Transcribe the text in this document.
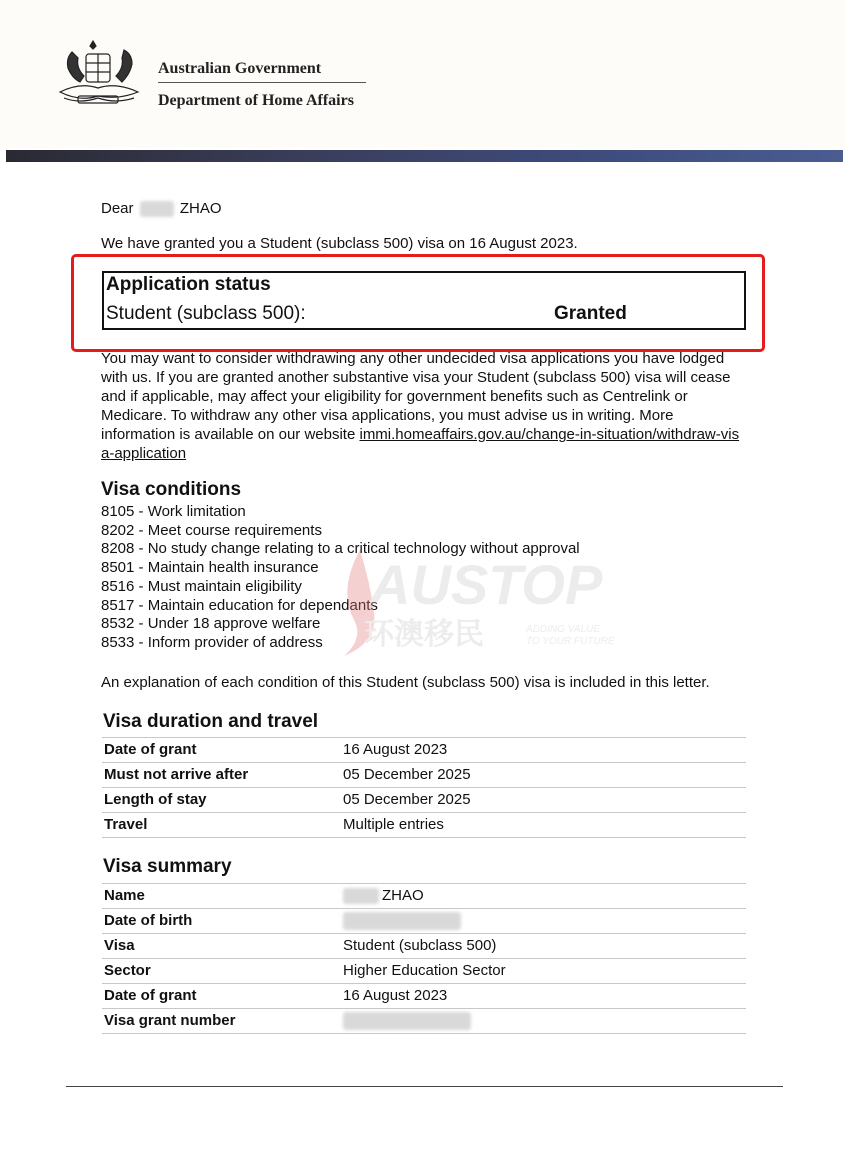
Australian Government
Department of Home Affairs
Dear	ZHAO
We have granted you a Student (subclass 500) visa on 16 August 2023.
Application status
Student (subclass 500):	Granted
You may want to consider withdrawing any other undecided visa applications you have lodged with us. If you are granted another substantive visa your Student (subclass 500) visa will cease and if applicable, may affect your eligibility for government benefits such as Centrelink or Medicare. To withdraw any other visa applications, you must advise us in writing. More information is available on our website immi.homeaffairs.gov.au/change-in-situation/withdraw-visa-application
Visa conditions
8105 - Work limitation
8202 - Meet course requirements
8208 - No study change relating to a critical technology without approval
8501 - Maintain health insurance
8516 - Must maintain eligibility
8517 - Maintain education for dependants
8532 - Under 18 approve welfare
8533 - Inform provider of address
AUSTOP
环澳移民	ADDING VALUE
TO YOUR FUTURE
An explanation of each condition of this Student (subclass 500) visa is included in this letter.
Visa duration and travel
Date of grant	16 August 2023
Must not arrive after	05 December 2025
Length of stay	05 December 2025
Travel	Multiple entries
Visa summary
Name	ZHAO
Date of birth
Visa	Student (subclass 500)
Sector	Higher Education Sector
Date of grant	16 August 2023
Visa grant number
